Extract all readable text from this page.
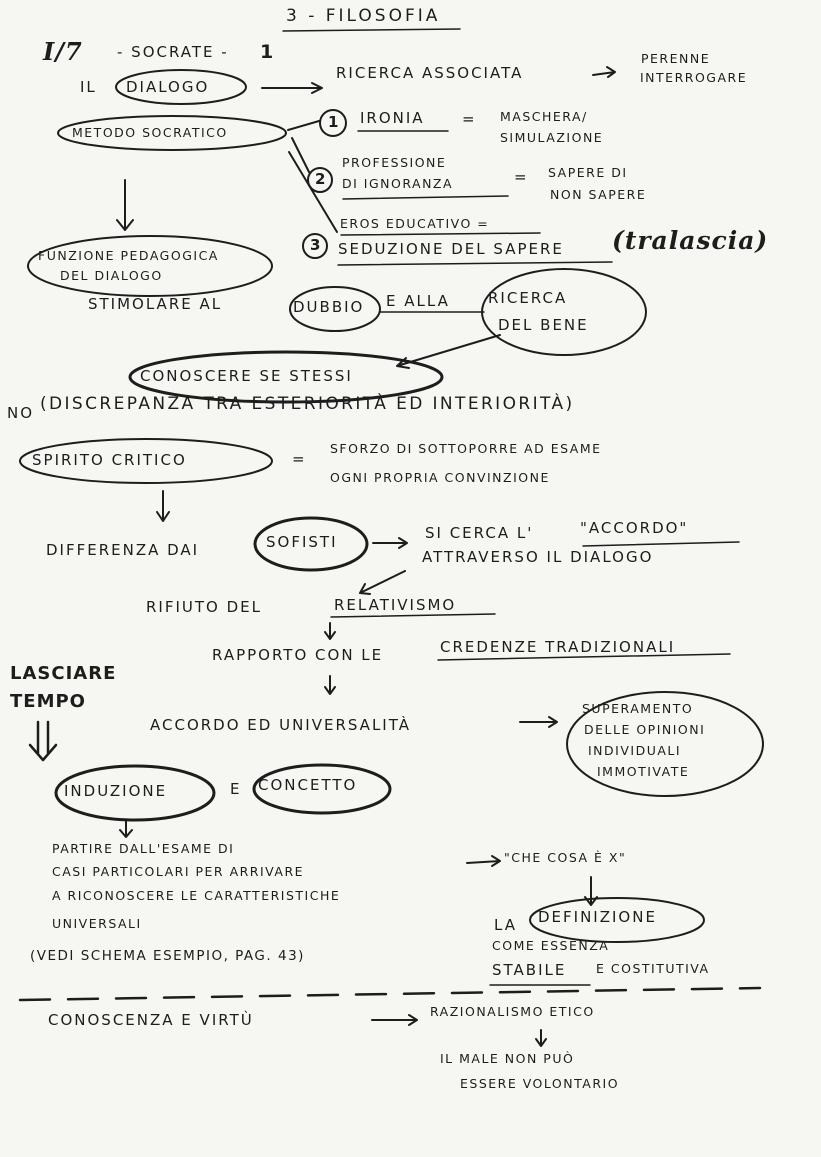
3 - FILOSOFIA
I/7 - SOCRATE - 1
IL DIALOGO
RICERCA ASSOCIATA
PERENNE
INTERROGARE
METODO SOCRATICO
1 IRONIA = MASCHERA/
SIMULAZIONE
2
PROFESSIONE
DI IGNORANZA	= SAPERE DI
NON SAPERE
3
EROS EDUCATIVO =
SEDUZIONE DEL SAPERE (tralascia)
FUNZIONE PEDAGOGICA
DEL DIALOGO
STIMOLARE AL	DUBBIO E ALLA	RICERCA
DEL BENE
CONOSCERE SE STESSI
NO (DISCREPANZA TRA ESTERIORITÀ ED INTERIORITÀ)
SPIRITO CRITICO	=
SFORZO DI SOTTOPORRE AD ESAME
OGNI PROPRIA CONVINZIONE
DIFFERENZA DAI	SOFISTI	SI CERCA L'	"ACCORDO"
ATTRAVERSO IL DIALOGO
RIFIUTO DEL	RELATIVISMO
RAPPORTO CON LE	CREDENZE TRADIZIONALI
LASCIARE
TEMPO
ACCORDO ED UNIVERSALITÀ
SUPERAMENTO
DELLE OPINIONI
INDIVIDUALI
IMMOTIVATE
INDUZIONE	E CONCETTO
PARTIRE DALL'ESAME DI
CASI PARTICOLARI PER ARRIVARE
A RICONOSCERE LE CARATTERISTICHE
UNIVERSALI
(VEDI SCHEMA ESEMPIO, PAG. 43)
"CHE COSA È X"
LA DEFINIZIONE
COME ESSENZA
STABILE E COSTITUTIVA
CONOSCENZA E VIRTÙ	RAZIONALISMO ETICO
IL MALE NON PUÒ
ESSERE VOLONTARIO
